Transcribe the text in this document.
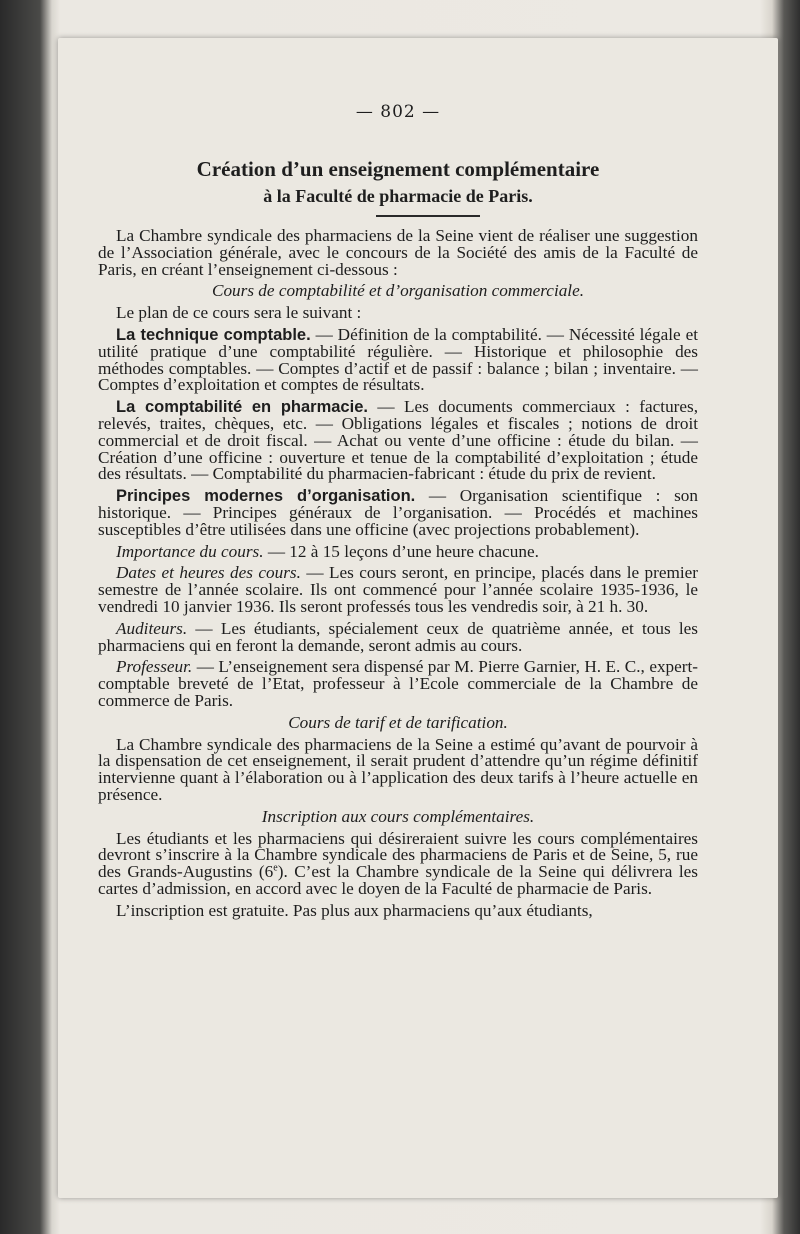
— 802 —
Création d’un enseignement complémentaire
à la Faculté de pharmacie de Paris.

La Chambre syndicale des pharmaciens de la Seine vient de réaliser une suggestion de l’Association générale, avec le concours de la Société des amis de la Faculté de Paris, en créant l’enseignement ci-dessous :

Cours de comptabilité et d’organisation commerciale.

Le plan de ce cours sera le suivant :

La technique comptable. — Définition de la comptabilité. — Nécessité légale et utilité pratique d’une comptabilité régulière. — Historique et philosophie des méthodes comptables. — Comptes d’actif et de passif : balance ; bilan ; inventaire. — Comptes d’exploitation et comptes de résultats.

La comptabilité en pharmacie. — Les documents commerciaux : factures, relevés, traites, chèques, etc. — Obligations légales et fiscales ; notions de droit commercial et de droit fiscal. — Achat ou vente d’une officine : étude du bilan. — Création d’une officine : ouverture et tenue de la comptabilité d’exploitation ; étude des résultats. — Comptabilité du pharmacien-fabricant : étude du prix de revient.

Principes modernes d’organisation. — Organisation scientifique : son historique. — Principes généraux de l’organisation. — Procédés et machines susceptibles d’être utilisées dans une officine (avec projections probablement).

Importance du cours. — 12 à 15 leçons d’une heure chacune.

Dates et heures des cours. — Les cours seront, en principe, placés dans le premier semestre de l’année scolaire. Ils ont commencé pour l’année scolaire 1935-1936, le vendredi 10 janvier 1936. Ils seront professés tous les vendredis soir, à 21 h. 30.

Auditeurs. — Les étudiants, spécialement ceux de quatrième année, et tous les pharmaciens qui en feront la demande, seront admis au cours.

Professeur. — L’enseignement sera dispensé par M. Pierre Garnier, H. E. C., expert-comptable breveté de l’Etat, professeur à l’Ecole commerciale de la Chambre de commerce de Paris.

Cours de tarif et de tarification.

La Chambre syndicale des pharmaciens de la Seine a estimé qu’avant de pourvoir à la dispensation de cet enseignement, il serait prudent d’attendre qu’un régime définitif intervienne quant à l’élaboration ou à l’application des deux tarifs à l’heure actuelle en présence.

Inscription aux cours complémentaires.

Les étudiants et les pharmaciens qui désireraient suivre les cours complémentaires devront s’inscrire à la Chambre syndicale des pharmaciens de Paris et de Seine, 5, rue des Grands-Augustins (6e). C’est la Chambre syndicale de la Seine qui délivrera les cartes d’admission, en accord avec le doyen de la Faculté de pharmacie de Paris.

L’inscription est gratuite. Pas plus aux pharmaciens qu’aux étudiants,
